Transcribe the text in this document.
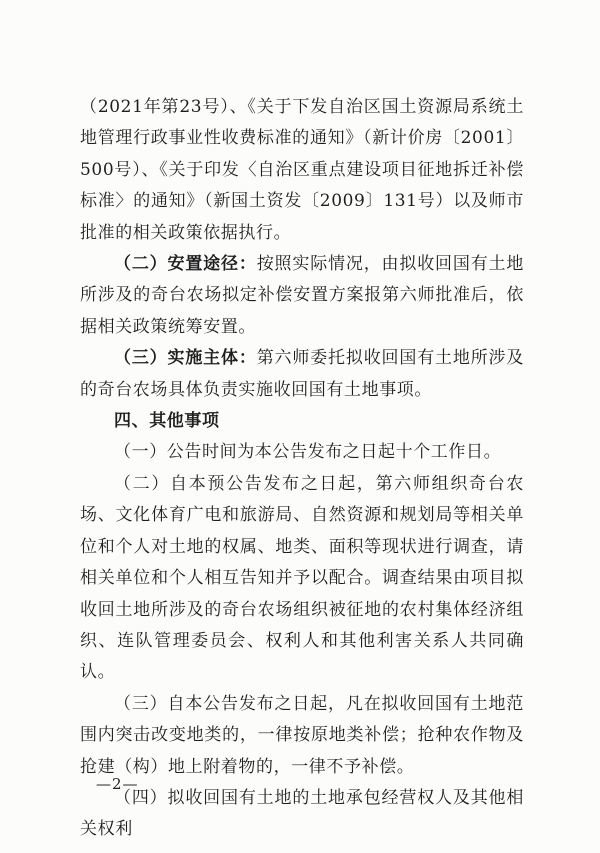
（2021年第23号）、《关于下发自治区国土资源局系统土地管理行政事业性收费标准的通知》（新计价房〔2001〕500号）、《关于印发〈自治区重点建设项目征地拆迁补偿标准〉的通知》（新国土资发〔2009〕131号）以及师市批准的相关政策依据执行。

（二）安置途径：按照实际情况，由拟收回国有土地所涉及的奇台农场拟定补偿安置方案报第六师批准后，依据相关政策统筹安置。

（三）实施主体：第六师委托拟收回国有土地所涉及的奇台农场具体负责实施收回国有土地事项。

四、其他事项

（一）公告时间为本公告发布之日起十个工作日。

（二）自本预公告发布之日起，第六师组织奇台农场、文化体育广电和旅游局、自然资源和规划局等相关单位和个人对土地的权属、地类、面积等现状进行调查，请相关单位和个人相互告知并予以配合。调查结果由项目拟收回土地所涉及的奇台农场组织被征地的农村集体经济组织、连队管理委员会、权利人和其他利害关系人共同确认。

（三）自本公告发布之日起，凡在拟收回国有土地范围内突击改变地类的，一律按原地类补偿；抢种农作物及抢建（构）地上附着物的，一律不予补偿。

（四）拟收回国有土地的土地承包经营权人及其他相关权利

—2—
